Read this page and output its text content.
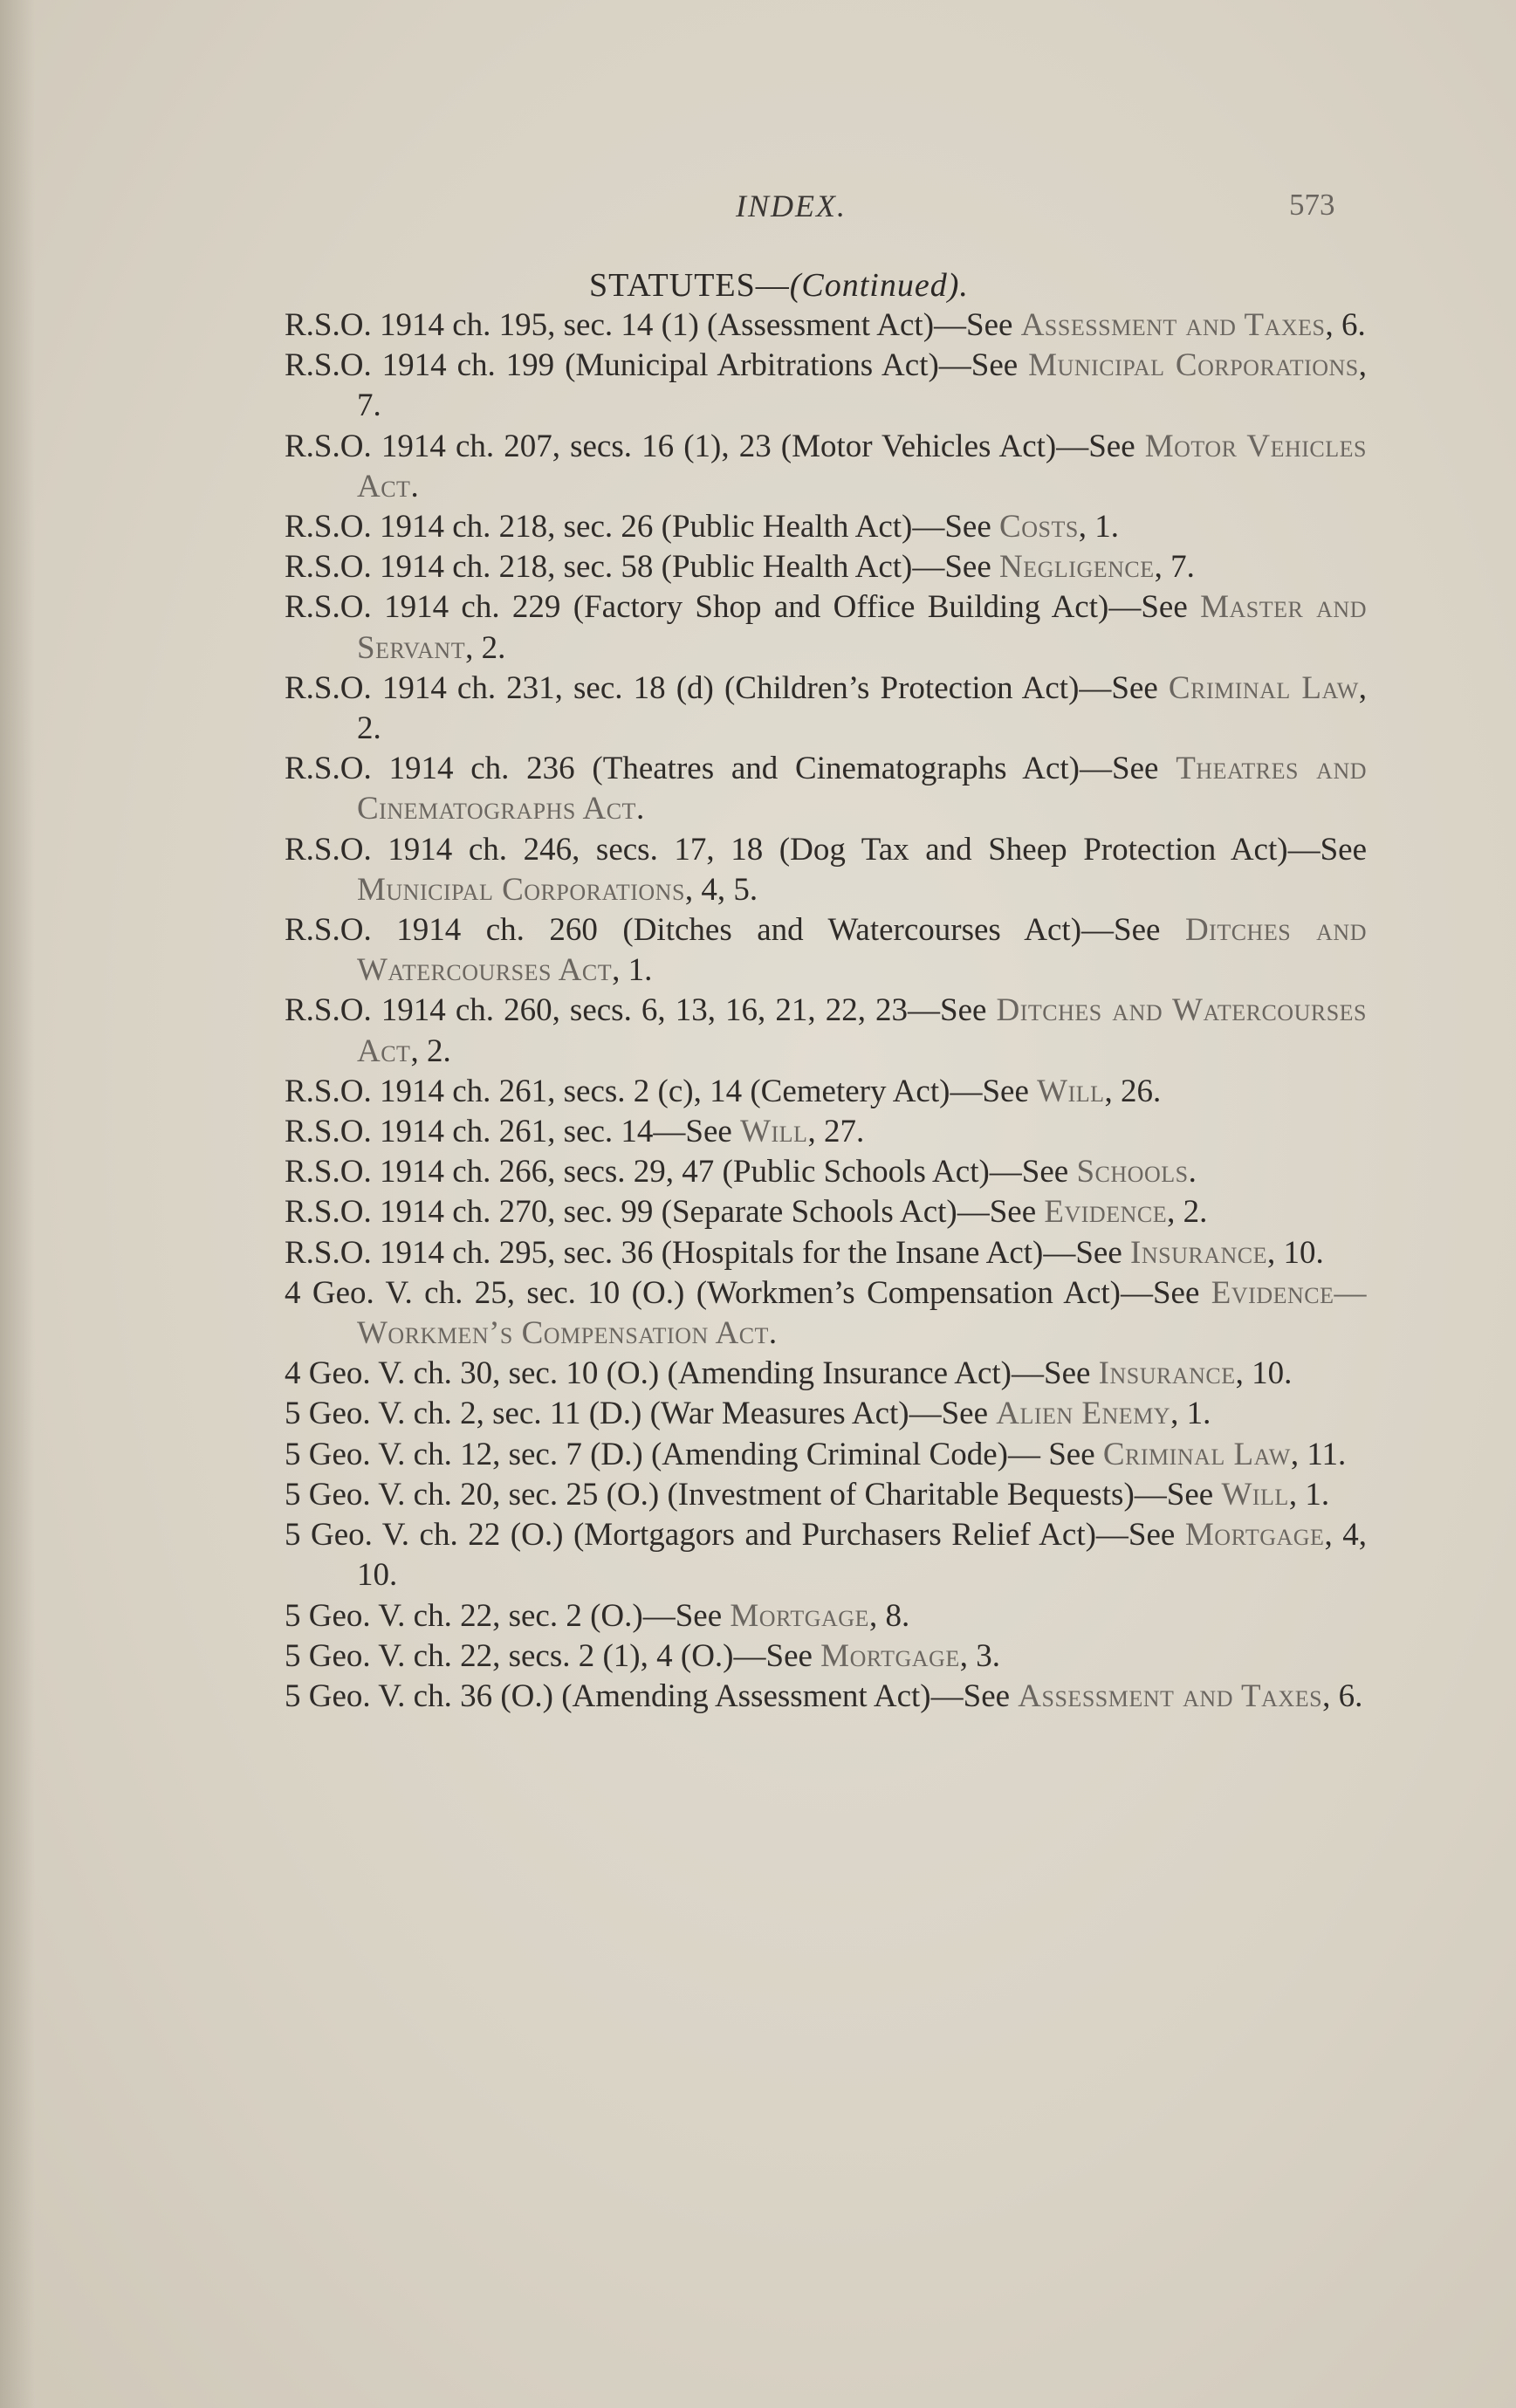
INDEX.	573
STATUTES—(Continued).
R.S.O. 1914 ch. 195, sec. 14 (1) (Assessment Act)—See Assessment and Taxes, 6.
R.S.O. 1914 ch. 199 (Municipal Arbitrations Act)—See Municipal Corporations, 7.
R.S.O. 1914 ch. 207, secs. 16 (1), 23 (Motor Vehicles Act)—See Motor Vehicles Act.
R.S.O. 1914 ch. 218, sec. 26 (Public Health Act)—See Costs, 1.
R.S.O. 1914 ch. 218, sec. 58 (Public Health Act)—See Negligence, 7.
R.S.O. 1914 ch. 229 (Factory Shop and Office Building Act)—See Master and Servant, 2.
R.S.O. 1914 ch. 231, sec. 18 (d) (Children’s Protection Act)—See Criminal Law, 2.
R.S.O. 1914 ch. 236 (Theatres and Cinematographs Act)—See Theatres and Cinematographs Act.
R.S.O. 1914 ch. 246, secs. 17, 18 (Dog Tax and Sheep Protection Act)—See Municipal Corporations, 4, 5.
R.S.O. 1914 ch. 260 (Ditches and Watercourses Act)—See Ditches and Watercourses Act, 1.
R.S.O. 1914 ch. 260, secs. 6, 13, 16, 21, 22, 23—See Ditches and Watercourses Act, 2.
R.S.O. 1914 ch. 261, secs. 2 (c), 14 (Cemetery Act)—See Will, 26.
R.S.O. 1914 ch. 261, sec. 14—See Will, 27.
R.S.O. 1914 ch. 266, secs. 29, 47 (Public Schools Act)—See Schools.
R.S.O. 1914 ch. 270, sec. 99 (Separate Schools Act)—See Evidence, 2.
R.S.O. 1914 ch. 295, sec. 36 (Hospitals for the Insane Act)—See Insurance, 10.
4 Geo. V. ch. 25, sec. 10 (O.) (Workmen’s Compensation Act)—See Evidence—Workmen’s Compensation Act.
4 Geo. V. ch. 30, sec. 10 (O.) (Amending Insurance Act)—See Insurance, 10.
5 Geo. V. ch. 2, sec. 11 (D.) (War Measures Act)—See Alien Enemy, 1.
5 Geo. V. ch. 12, sec. 7 (D.) (Amending Criminal Code)— See Criminal Law, 11.
5 Geo. V. ch. 20, sec. 25 (O.) (Investment of Charitable Bequests)—See Will, 1.
5 Geo. V. ch. 22 (O.) (Mortgagors and Purchasers Relief Act)—See Mortgage, 4, 10.
5 Geo. V. ch. 22, sec. 2 (O.)—See Mortgage, 8.
5 Geo. V. ch. 22, secs. 2 (1), 4 (O.)—See Mortgage, 3.
5 Geo. V. ch. 36 (O.) (Amending Assessment Act)—See Assessment and Taxes, 6.
